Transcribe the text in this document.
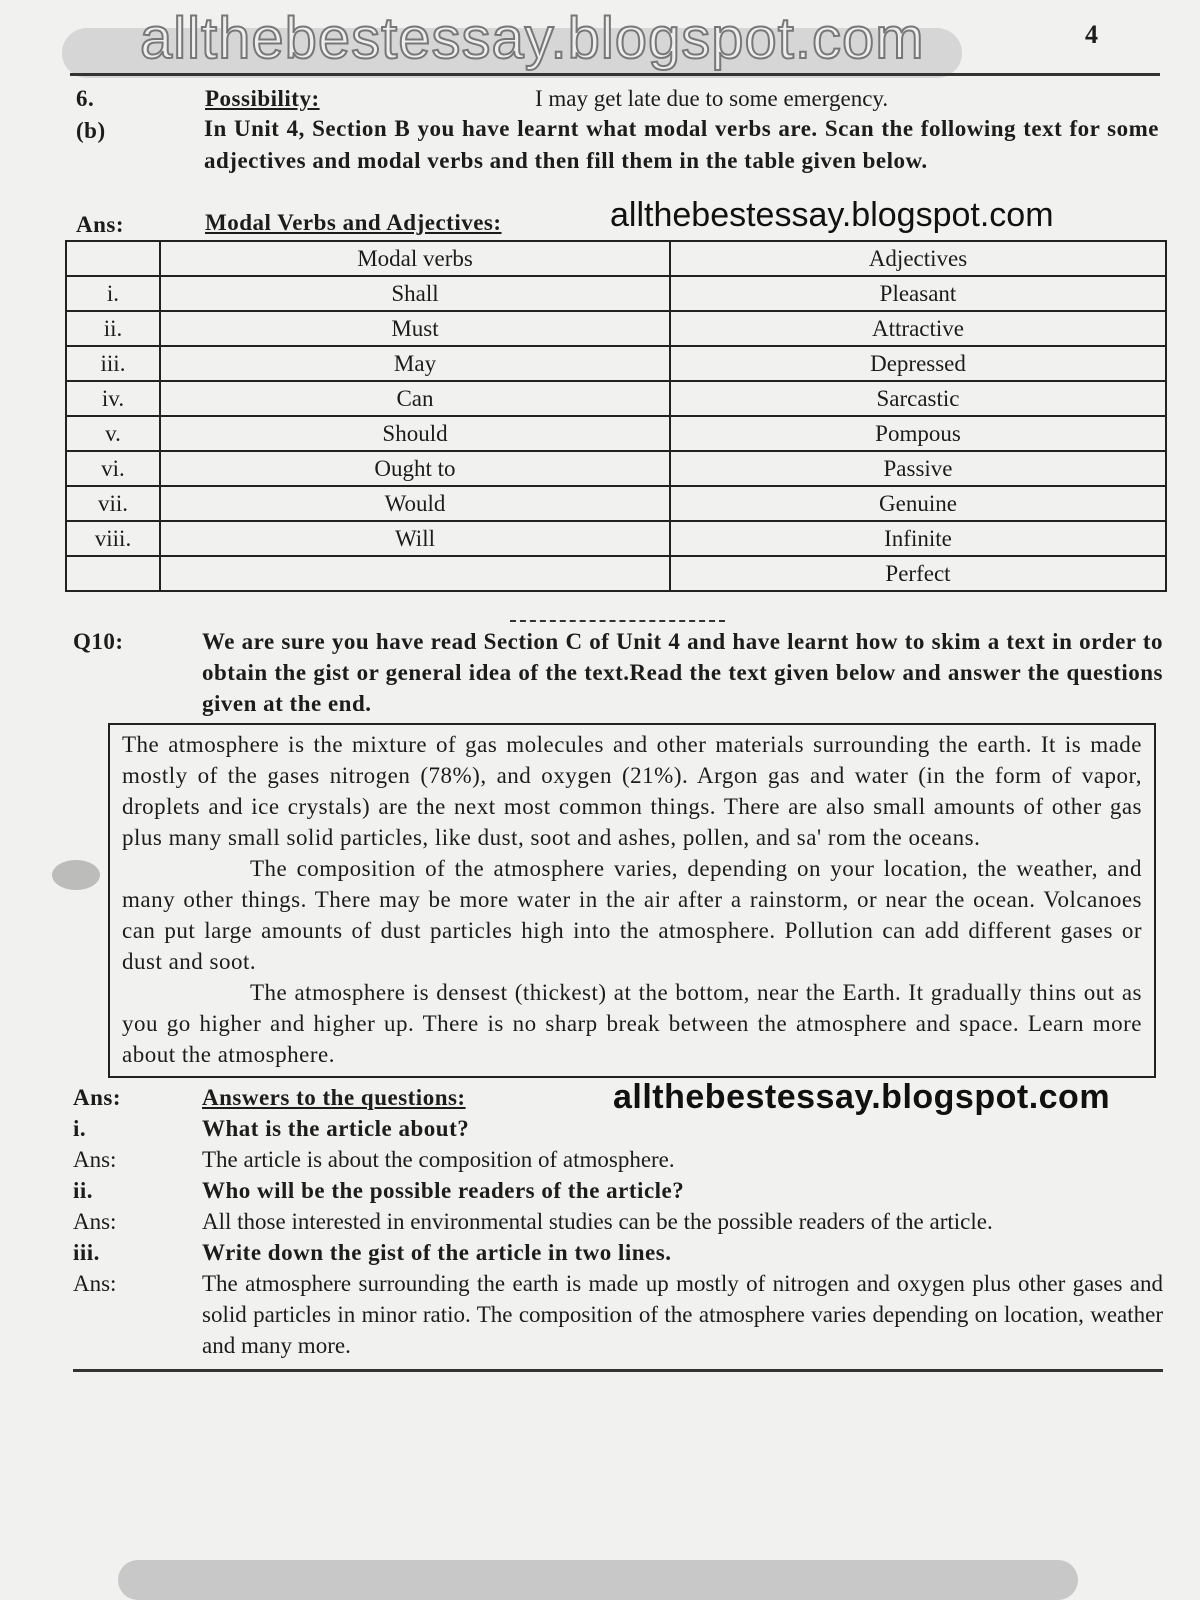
allthebestessay.blogspot.com	4
6.	Possibility:	I may get late due to some emergency.
(b)	In Unit 4, Section B you have learnt what modal verbs are. Scan the following text for some adjectives and modal verbs and then fill them in the table given below.
Ans:	Modal Verbs and Adjectives:	allthebestessay.blogspot.com
	Modal verbs	Adjectives
i.	Shall	Pleasant
ii.	Must	Attractive
iii.	May	Depressed
iv.	Can	Sarcastic
v.	Should	Pompous
vi.	Ought to	Passive
vii.	Would	Genuine
viii.	Will	Infinite
		Perfect
Q10:	We are sure you have read Section C of Unit 4 and have learnt how to skim a text in order to obtain the gist or general idea of the text.Read the text given below and answer the questions given at the end.

The atmosphere is the mixture of gas molecules and other materials surrounding the earth. It is made mostly of the gases nitrogen (78%), and oxygen (21%). Argon gas and water (in the form of vapor, droplets and ice crystals) are the next most common things. There are also small amounts of other gas plus many small solid particles, like dust, soot and ashes, pollen, and sa' rom the oceans.

The composition of the atmosphere varies, depending on your location, the weather, and many other things. There may be more water in the air after a rainstorm, or near the ocean. Volcanoes can put large amounts of dust particles high into the atmosphere. Pollution can add different gases or dust and soot.

The atmosphere is densest (thickest) at the bottom, near the Earth. It gradually thins out as you go higher and higher up. There is no sharp break between the atmosphere and space. Learn more about the atmosphere.

Ans:	Answers to the questions:	allthebestessay.blogspot.com
i.	What is the article about?
Ans:	The article is about the composition of atmosphere.
ii.	Who will be the possible readers of the article?
Ans:	All those interested in environmental studies can be the possible readers of the article.
iii.	Write down the gist of the article in two lines.
Ans:	The atmosphere surrounding the earth is made up mostly of nitrogen and oxygen plus other gases and solid particles in minor ratio. The composition of the atmosphere varies depending on location, weather and many more.
